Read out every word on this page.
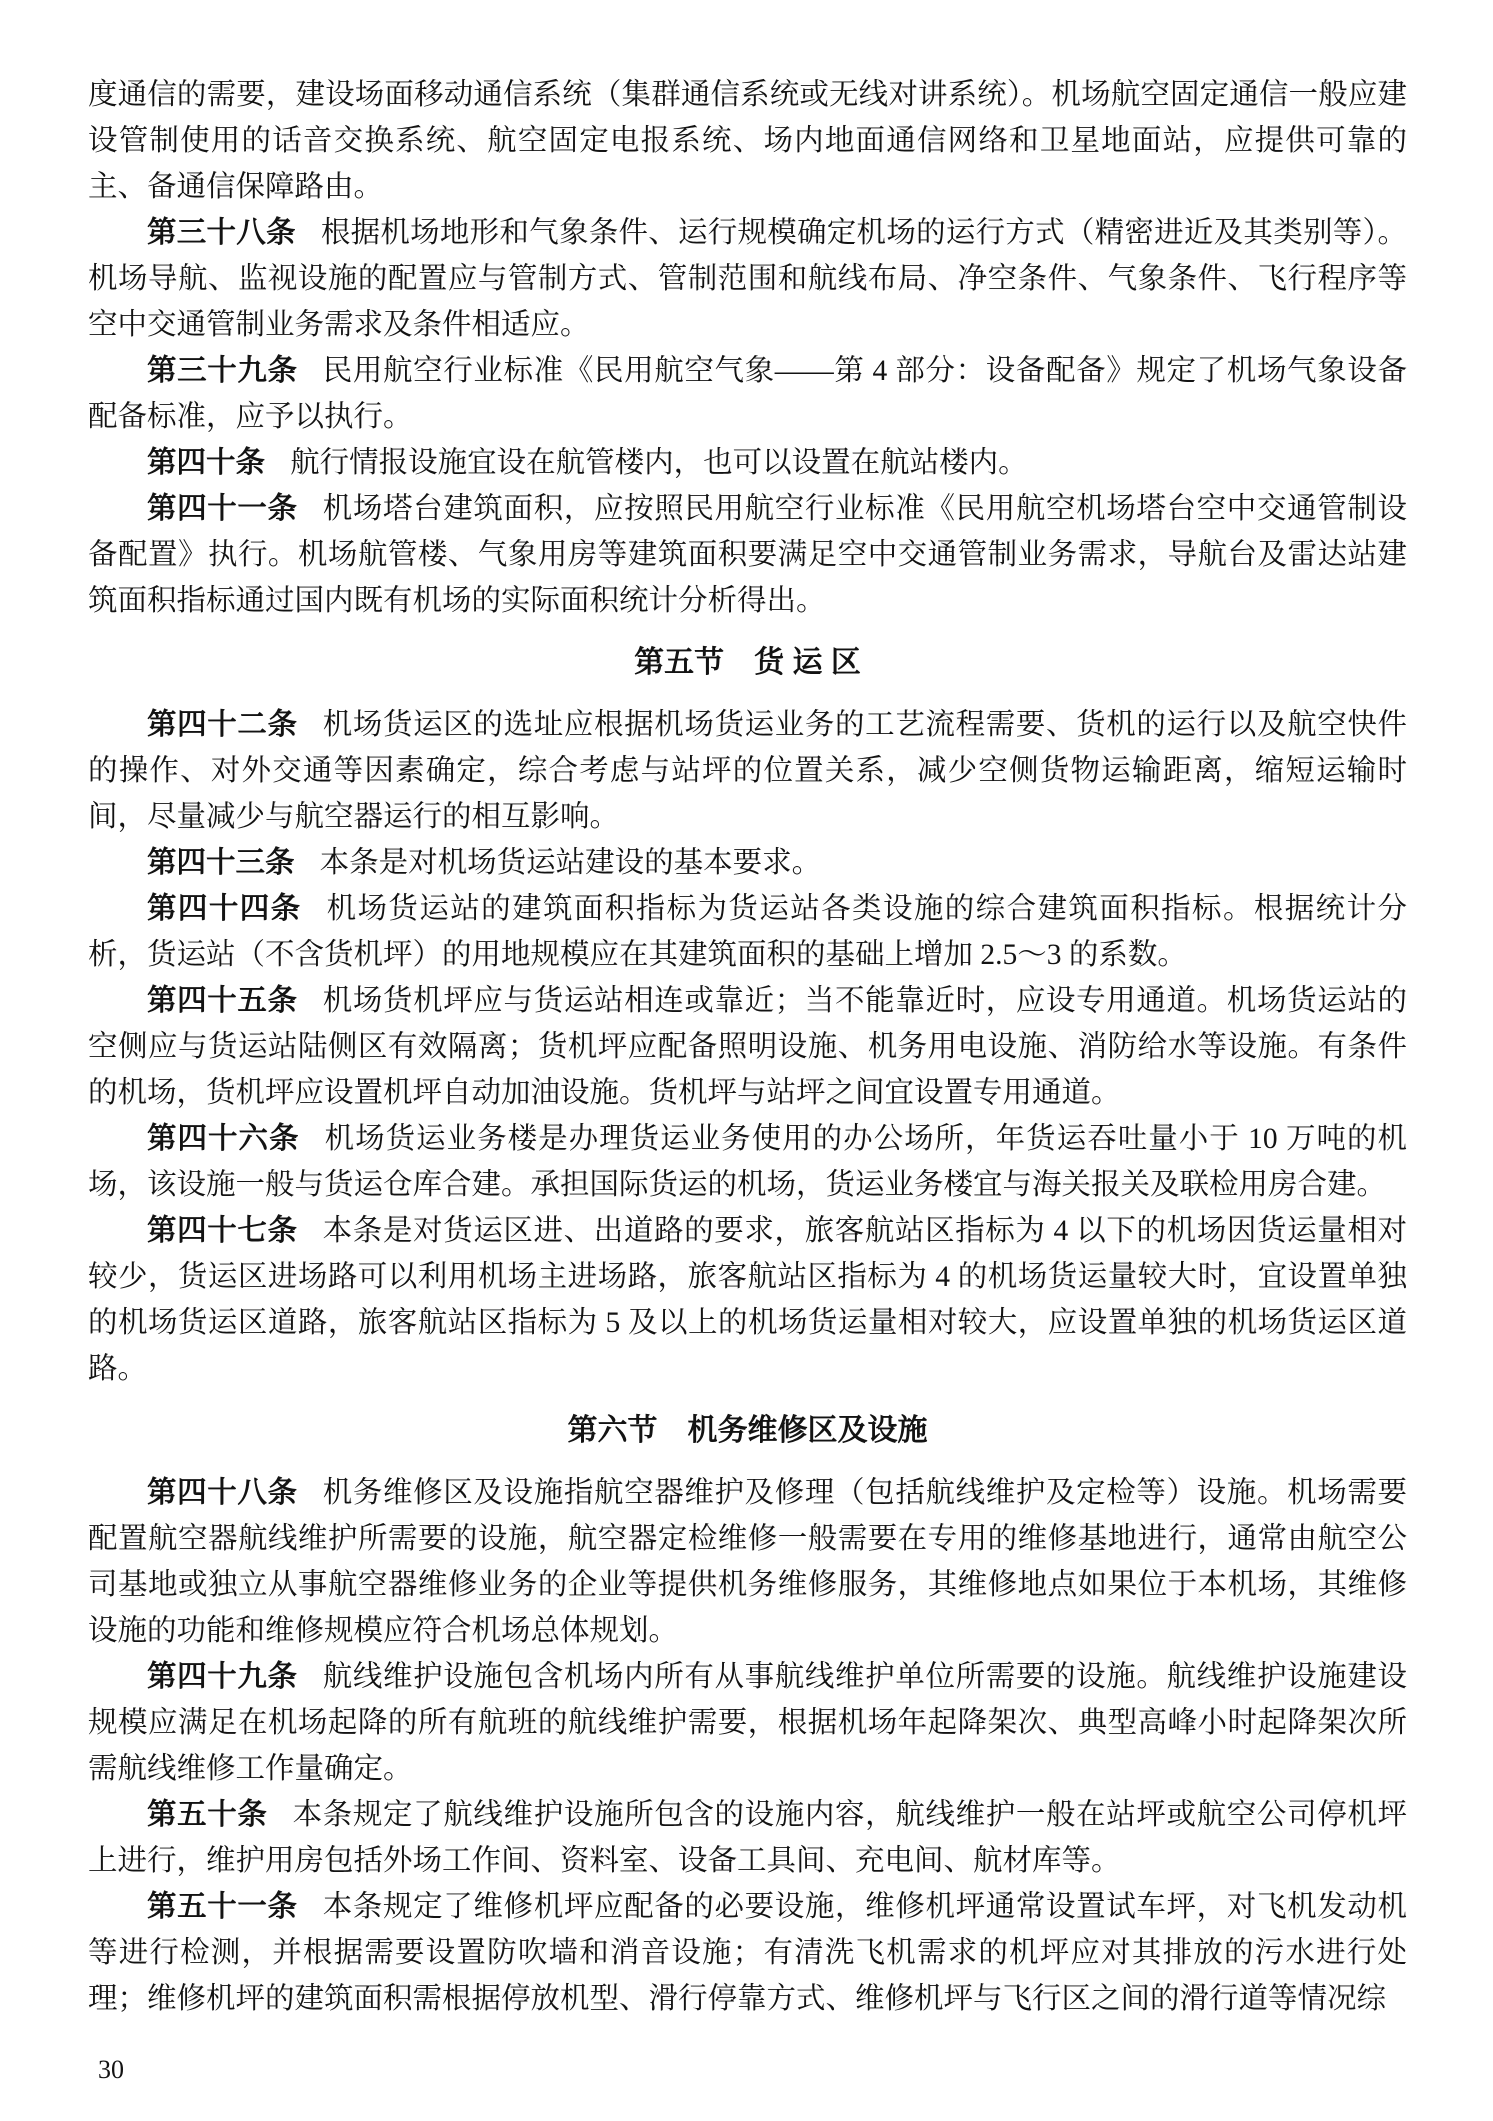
度通信的需要，建设场面移动通信系统（集群通信系统或无线对讲系统）。机场航空固定通信一般应建设管制使用的话音交换系统、航空固定电报系统、场内地面通信网络和卫星地面站，应提供可靠的主、备通信保障路由。

第三十八条 根据机场地形和气象条件、运行规模确定机场的运行方式（精密进近及其类别等）。机场导航、监视设施的配置应与管制方式、管制范围和航线布局、净空条件、气象条件、飞行程序等空中交通管制业务需求及条件相适应。

第三十九条 民用航空行业标准《民用航空气象——第 4 部分：设备配备》规定了机场气象设备配备标准，应予以执行。

第四十条 航行情报设施宜设在航管楼内，也可以设置在航站楼内。

第四十一条 机场塔台建筑面积，应按照民用航空行业标准《民用航空机场塔台空中交通管制设备配置》执行。机场航管楼、气象用房等建筑面积要满足空中交通管制业务需求，导航台及雷达站建筑面积指标通过国内既有机场的实际面积统计分析得出。

第五节　货 运 区

第四十二条 机场货运区的选址应根据机场货运业务的工艺流程需要、货机的运行以及航空快件的操作、对外交通等因素确定，综合考虑与站坪的位置关系，减少空侧货物运输距离，缩短运输时间，尽量减少与航空器运行的相互影响。

第四十三条 本条是对机场货运站建设的基本要求。

第四十四条 机场货运站的建筑面积指标为货运站各类设施的综合建筑面积指标。根据统计分析，货运站（不含货机坪）的用地规模应在其建筑面积的基础上增加 2.5～3 的系数。

第四十五条 机场货机坪应与货运站相连或靠近；当不能靠近时，应设专用通道。机场货运站的空侧应与货运站陆侧区有效隔离；货机坪应配备照明设施、机务用电设施、消防给水等设施。有条件的机场，货机坪应设置机坪自动加油设施。货机坪与站坪之间宜设置专用通道。

第四十六条 机场货运业务楼是办理货运业务使用的办公场所，年货运吞吐量小于 10 万吨的机场，该设施一般与货运仓库合建。承担国际货运的机场，货运业务楼宜与海关报关及联检用房合建。

第四十七条 本条是对货运区进、出道路的要求，旅客航站区指标为 4 以下的机场因货运量相对较少，货运区进场路可以利用机场主进场路，旅客航站区指标为 4 的机场货运量较大时，宜设置单独的机场货运区道路，旅客航站区指标为 5 及以上的机场货运量相对较大，应设置单独的机场货运区道路。

第六节　机务维修区及设施

第四十八条 机务维修区及设施指航空器维护及修理（包括航线维护及定检等）设施。机场需要配置航空器航线维护所需要的设施，航空器定检维修一般需要在专用的维修基地进行，通常由航空公司基地或独立从事航空器维修业务的企业等提供机务维修服务，其维修地点如果位于本机场，其维修设施的功能和维修规模应符合机场总体规划。

第四十九条 航线维护设施包含机场内所有从事航线维护单位所需要的设施。航线维护设施建设规模应满足在机场起降的所有航班的航线维护需要，根据机场年起降架次、典型高峰小时起降架次所需航线维修工作量确定。

第五十条 本条规定了航线维护设施所包含的设施内容，航线维护一般在站坪或航空公司停机坪上进行，维护用房包括外场工作间、资料室、设备工具间、充电间、航材库等。

第五十一条 本条规定了维修机坪应配备的必要设施，维修机坪通常设置试车坪，对飞机发动机等进行检测，并根据需要设置防吹墙和消音设施；有清洗飞机需求的机坪应对其排放的污水进行处理；维修机坪的建筑面积需根据停放机型、滑行停靠方式、维修机坪与飞行区之间的滑行道等情况综

30
